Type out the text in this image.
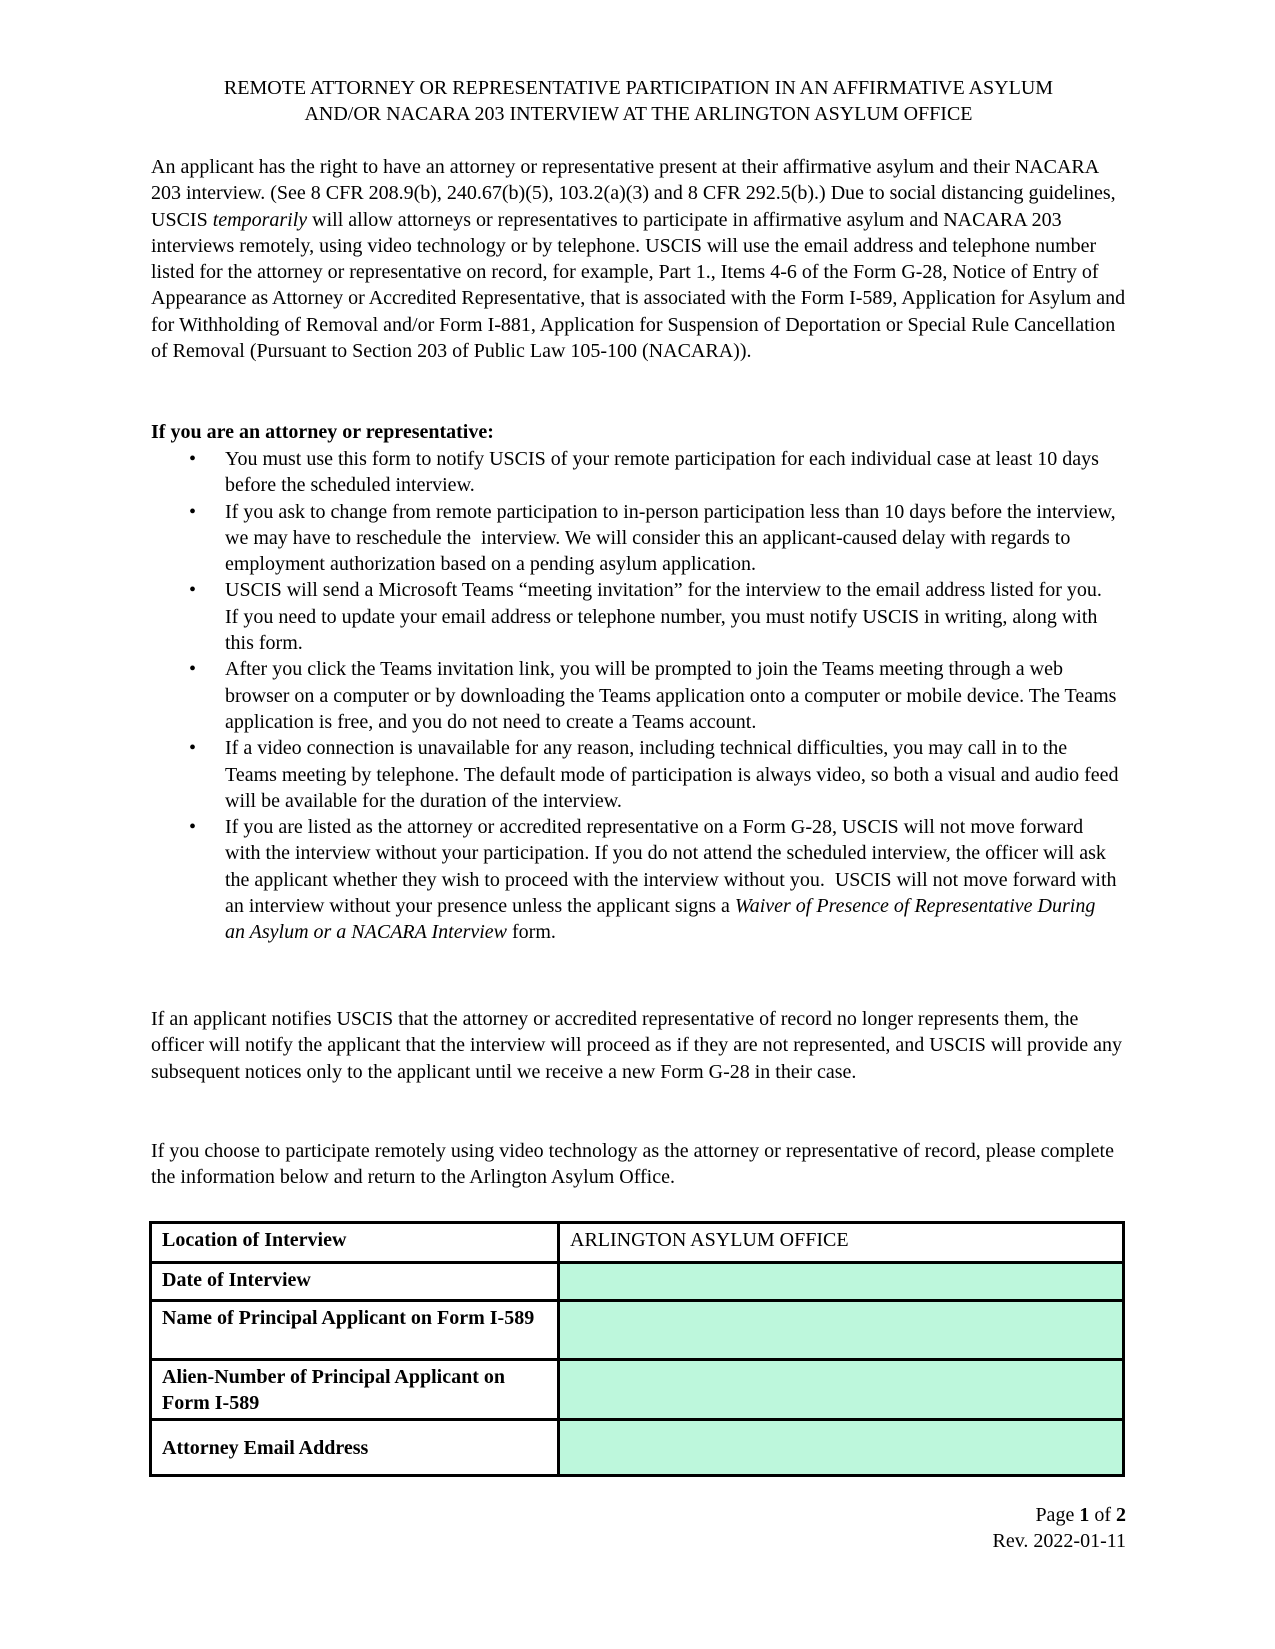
REMOTE ATTORNEY OR REPRESENTATIVE PARTICIPATION IN AN AFFIRMATIVE ASYLUM
AND/OR NACARA 203 INTERVIEW AT THE ARLINGTON ASYLUM OFFICE

An applicant has the right to have an attorney or representative present at their affirmative asylum and their NACARA 203 interview. (See 8 CFR 208.9(b), 240.67(b)(5), 103.2(a)(3) and 8 CFR 292.5(b).) Due to social distancing guidelines, USCIS temporarily will allow attorneys or representatives to participate in affirmative asylum and NACARA 203 interviews remotely, using video technology or by telephone. USCIS will use the email address and telephone number listed for the attorney or representative on record, for example, Part 1., Items 4-6 of the Form G-28, Notice of Entry of Appearance as Attorney or Accredited Representative, that is associated with the Form I-589, Application for Asylum and for Withholding of Removal and/or Form I-881, Application for Suspension of Deportation or Special Rule Cancellation of Removal (Pursuant to Section 203 of Public Law 105-100 (NACARA)).

If you are an attorney or representative:
• You must use this form to notify USCIS of your remote participation for each individual case at least 10 days before the scheduled interview.
• If you ask to change from remote participation to in-person participation less than 10 days before the interview, we may have to reschedule the  interview. We will consider this an applicant-caused delay with regards to employment authorization based on a pending asylum application.
• USCIS will send a Microsoft Teams “meeting invitation” for the interview to the email address listed for you. If you need to update your email address or telephone number, you must notify USCIS in writing, along with this form.
• After you click the Teams invitation link, you will be prompted to join the Teams meeting through a web browser on a computer or by downloading the Teams application onto a computer or mobile device. The Teams application is free, and you do not need to create a Teams account.
• If a video connection is unavailable for any reason, including technical difficulties, you may call in to the Teams meeting by telephone. The default mode of participation is always video, so both a visual and audio feed will be available for the duration of the interview.
• If you are listed as the attorney or accredited representative on a Form G-28, USCIS will not move forward with the interview without your participation. If you do not attend the scheduled interview, the officer will ask the applicant whether they wish to proceed with the interview without you.  USCIS will not move forward with an interview without your presence unless the applicant signs a Waiver of Presence of Representative During an Asylum or a NACARA Interview form.

If an applicant notifies USCIS that the attorney or accredited representative of record no longer represents them, the officer will notify the applicant that the interview will proceed as if they are not represented, and USCIS will provide any subsequent notices only to the applicant until we receive a new Form G-28 in their case.

If you choose to participate remotely using video technology as the attorney or representative of record, please complete the information below and return to the Arlington Asylum Office.

Location of Interview	ARLINGTON ASYLUM OFFICE
Date of Interview	
Name of Principal Applicant on Form I-589	
Alien-Number of Principal Applicant on Form I-589	
Attorney Email Address	
Page 1 of 2
Rev. 2022-01-11
